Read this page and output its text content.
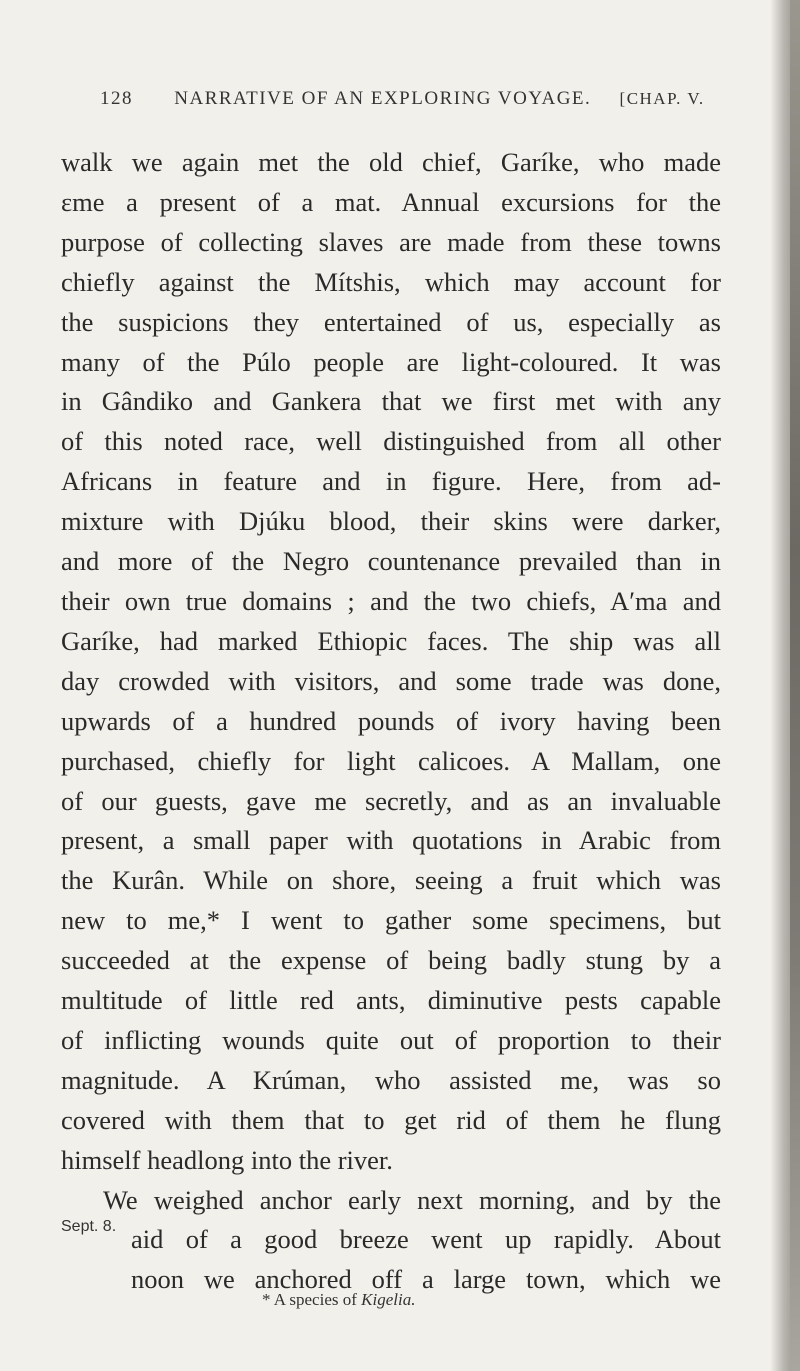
128 NARRATIVE OF AN EXPLORING VOYAGE. [CHAP. V.

walk we again met the old chief, Garíke, who made
ɛme a present of a mat. Annual excursions for the
purpose of collecting slaves are made from these towns
chiefly against the Mítshis, which may account for
the suspicions they entertained of us, especially as
many of the Púlo people are light-coloured. It was
in Gândiko and Gankera that we first met with any
of this noted race, well distinguished from all other
Africans in feature and in figure. Here, from ad-
mixture with Djúku blood, their skins were darker,
and more of the Negro countenance prevailed than in
their own true domains ; and the two chiefs, A′ma and
Garíke, had marked Ethiopic faces. The ship was all
day crowded with visitors, and some trade was done,
upwards of a hundred pounds of ivory having been
purchased, chiefly for light calicoes. A Mallam, one
of our guests, gave me secretly, and as an invaluable
present, a small paper with quotations in Arabic from
the Kurân. While on shore, seeing a fruit which was
new to me,* I went to gather some specimens, but
succeeded at the expense of being badly stung by a
multitude of little red ants, diminutive pests capable
of inflicting wounds quite out of proportion to their
magnitude. A Krúman, who assisted me, was so
covered with them that to get rid of them he flung
himself headlong into the river.

We weighed anchor early next morning, and by the
aid of a good breeze went up rapidly. About
noon we anchored off a large town, which we

Sept. 8.
* A species of Kigelia.
